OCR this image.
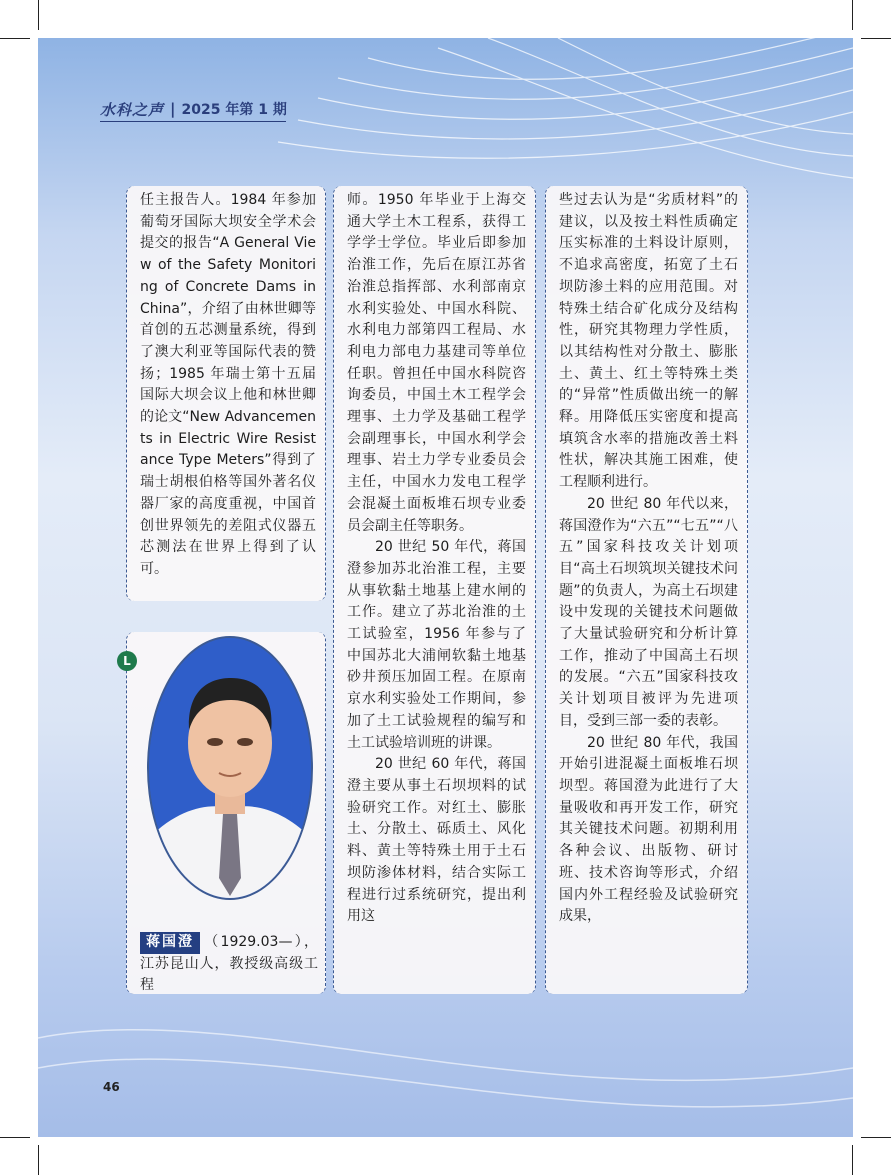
水科之声 | 2025 年第 1 期

任主报告人。1984 年参加葡萄牙国际大坝安全学术会提交的报告“A General View of the Safety Monitoring of Concrete Dams in China”，介绍了由林世卿等首创的五芯测量系统，得到了澳大利亚等国际代表的赞扬；1985 年瑞士第十五届国际大坝会议上他和林世卿的论文“New Advancements in Electric Wire Resistance Type Meters”得到了瑞士胡根伯格等国外著名仪器厂家的高度重视，中国首创世界领先的差阻式仪器五芯测法在世界上得到了认可。

蒋国澄 （1929.03—），江苏昆山人，教授级高级工程
L

师。1950 年毕业于上海交通大学土木工程系，获得工学学士学位。毕业后即参加治淮工作，先后在原江苏省治淮总指挥部、水利部南京水利实验处、中国水科院、水利电力部第四工程局、水利电力部电力基建司等单位任职。曾担任中国水科院咨询委员，中国土木工程学会理事、土力学及基础工程学会副理事长，中国水利学会理事、岩土力学专业委员会主任，中国水力发电工程学会混凝土面板堆石坝专业委员会副主任等职务。

20 世纪 50 年代，蒋国澄参加苏北治淮工程，主要从事软黏土地基上建水闸的工作。建立了苏北治淮的土工试验室，1956 年参与了中国苏北大浦闸软黏土地基砂井预压加固工程。在原南京水利实验处工作期间，参加了土工试验规程的编写和土工试验培训班的讲课。

20 世纪 60 年代，蒋国澄主要从事土石坝坝料的试验研究工作。对红土、膨胀土、分散土、砾质土、风化料、黄土等特殊土用于土石坝防渗体材料，结合实际工程进行过系统研究，提出利用这

些过去认为是“劣质材料”的建议，以及按土料性质确定压实标准的土料设计原则，不追求高密度，拓宽了土石坝防渗土料的应用范围。对特殊土结合矿化成分及结构性，研究其物理力学性质，以其结构性对分散土、膨胀土、黄土、红土等特殊土类的“异常”性质做出统一的解释。用降低压实密度和提高填筑含水率的措施改善土料性状，解决其施工困难，使工程顺利进行。

20 世纪 80 年代以来，蒋国澄作为“六五”“七五”“八五”国家科技攻关计划项目“高土石坝筑坝关键技术问题”的负责人，为高土石坝建设中发现的关键技术问题做了大量试验研究和分析计算工作，推动了中国高土石坝的发展。“六五”国家科技攻关计划项目被评为先进项目，受到三部一委的表彰。

20 世纪 80 年代，我国开始引进混凝土面板堆石坝坝型。蒋国澄为此进行了大量吸收和再开发工作，研究其关键技术问题。初期利用各种会议、出版物、研讨班、技术咨询等形式，介绍国内外工程经验及试验研究成果，

46
